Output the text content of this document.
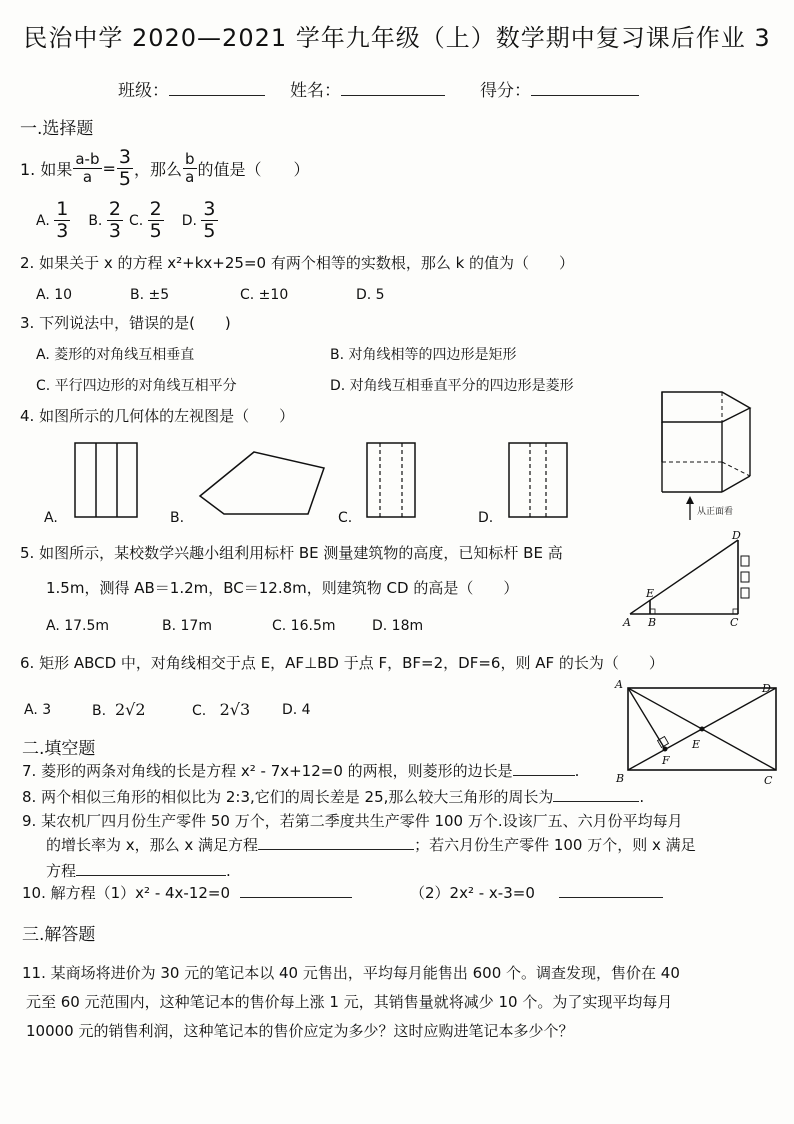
民治中学 2020—2021 学年九年级（上）数学期中复习课后作业 3
班级：	姓名：	得分：
一.选择题
1. 如果 $\frac{a-b}{a} = \frac{3}{5}$ ，那么 $\frac{b}{a}$ 的值是（　　）
A.
$\frac{1}{3} B$.
$\frac{2}{3} C$.
$\frac{2}{5} D$.
$\frac{3}{5}$
2. 如果关于 x 的方程 x²+kx+25=0 有两个相等的实数根，那么 k 的值为（　　）
A. 10	B. ±5	C. ±10	D. 5
3. 下列说法中，错误的是(　　)
A. 菱形的对角线互相垂直	B. 对角线相等的四边形是矩形
C. 平行四边形的对角线互相平分	D. 对角线互相垂直平分的四边形是菱形
4. 如图所示的几何体的左视图是（　　）
A.	B.	C.	D.	从正面看
5. 如图所示，某校数学兴趣小组利用标杆 BE 测量建筑物的高度，已知标杆 BE 高
1.5m，测得 AB＝1.2m，BC＝12.8m，则建筑物 CD 的高是（　　）
A. 17.5m	B. 17m	C. 16.5m	D. 18m	A B	C
D
E
6. 矩形 ABCD 中，对角线相交于点 E，AF⊥BD 于点 F，BF=2，DF=6，则 AF 的长为（　　）
A. 3	B. 2√2	C. 2√3 D. 4
A	D
B	C
E
F
二.填空题
7. 菱形的两条对角线的长是方程 x² - 7x+12=0 的两根，则菱形的边长是	.
8. 两个相似三角形的相似比为 2:3,它们的周长差是 25,那么较大三角形的周长为	.
9. 某农机厂四月份生产零件 50 万个，若第二季度共生产零件 100 万个.设该厂五、六月份平均每月
的增长率为 x，那么 x 满足方程	；若六月份生产零件 100 万个，则 x 满足
方程	.
10. 解方程（1）x² - 4x-12=0	（2）2x² - x-3=0
三.解答题
11. 某商场将进价为 30 元的笔记本以 40 元售出，平均每月能售出 600 个。调查发现，售价在 40
元至 60 元范围内，这种笔记本的售价每上涨 1 元，其销售量就将减少 10 个。为了实现平均每月
10000 元的销售利润，这种笔记本的售价应定为多少？这时应购进笔记本多少个？
